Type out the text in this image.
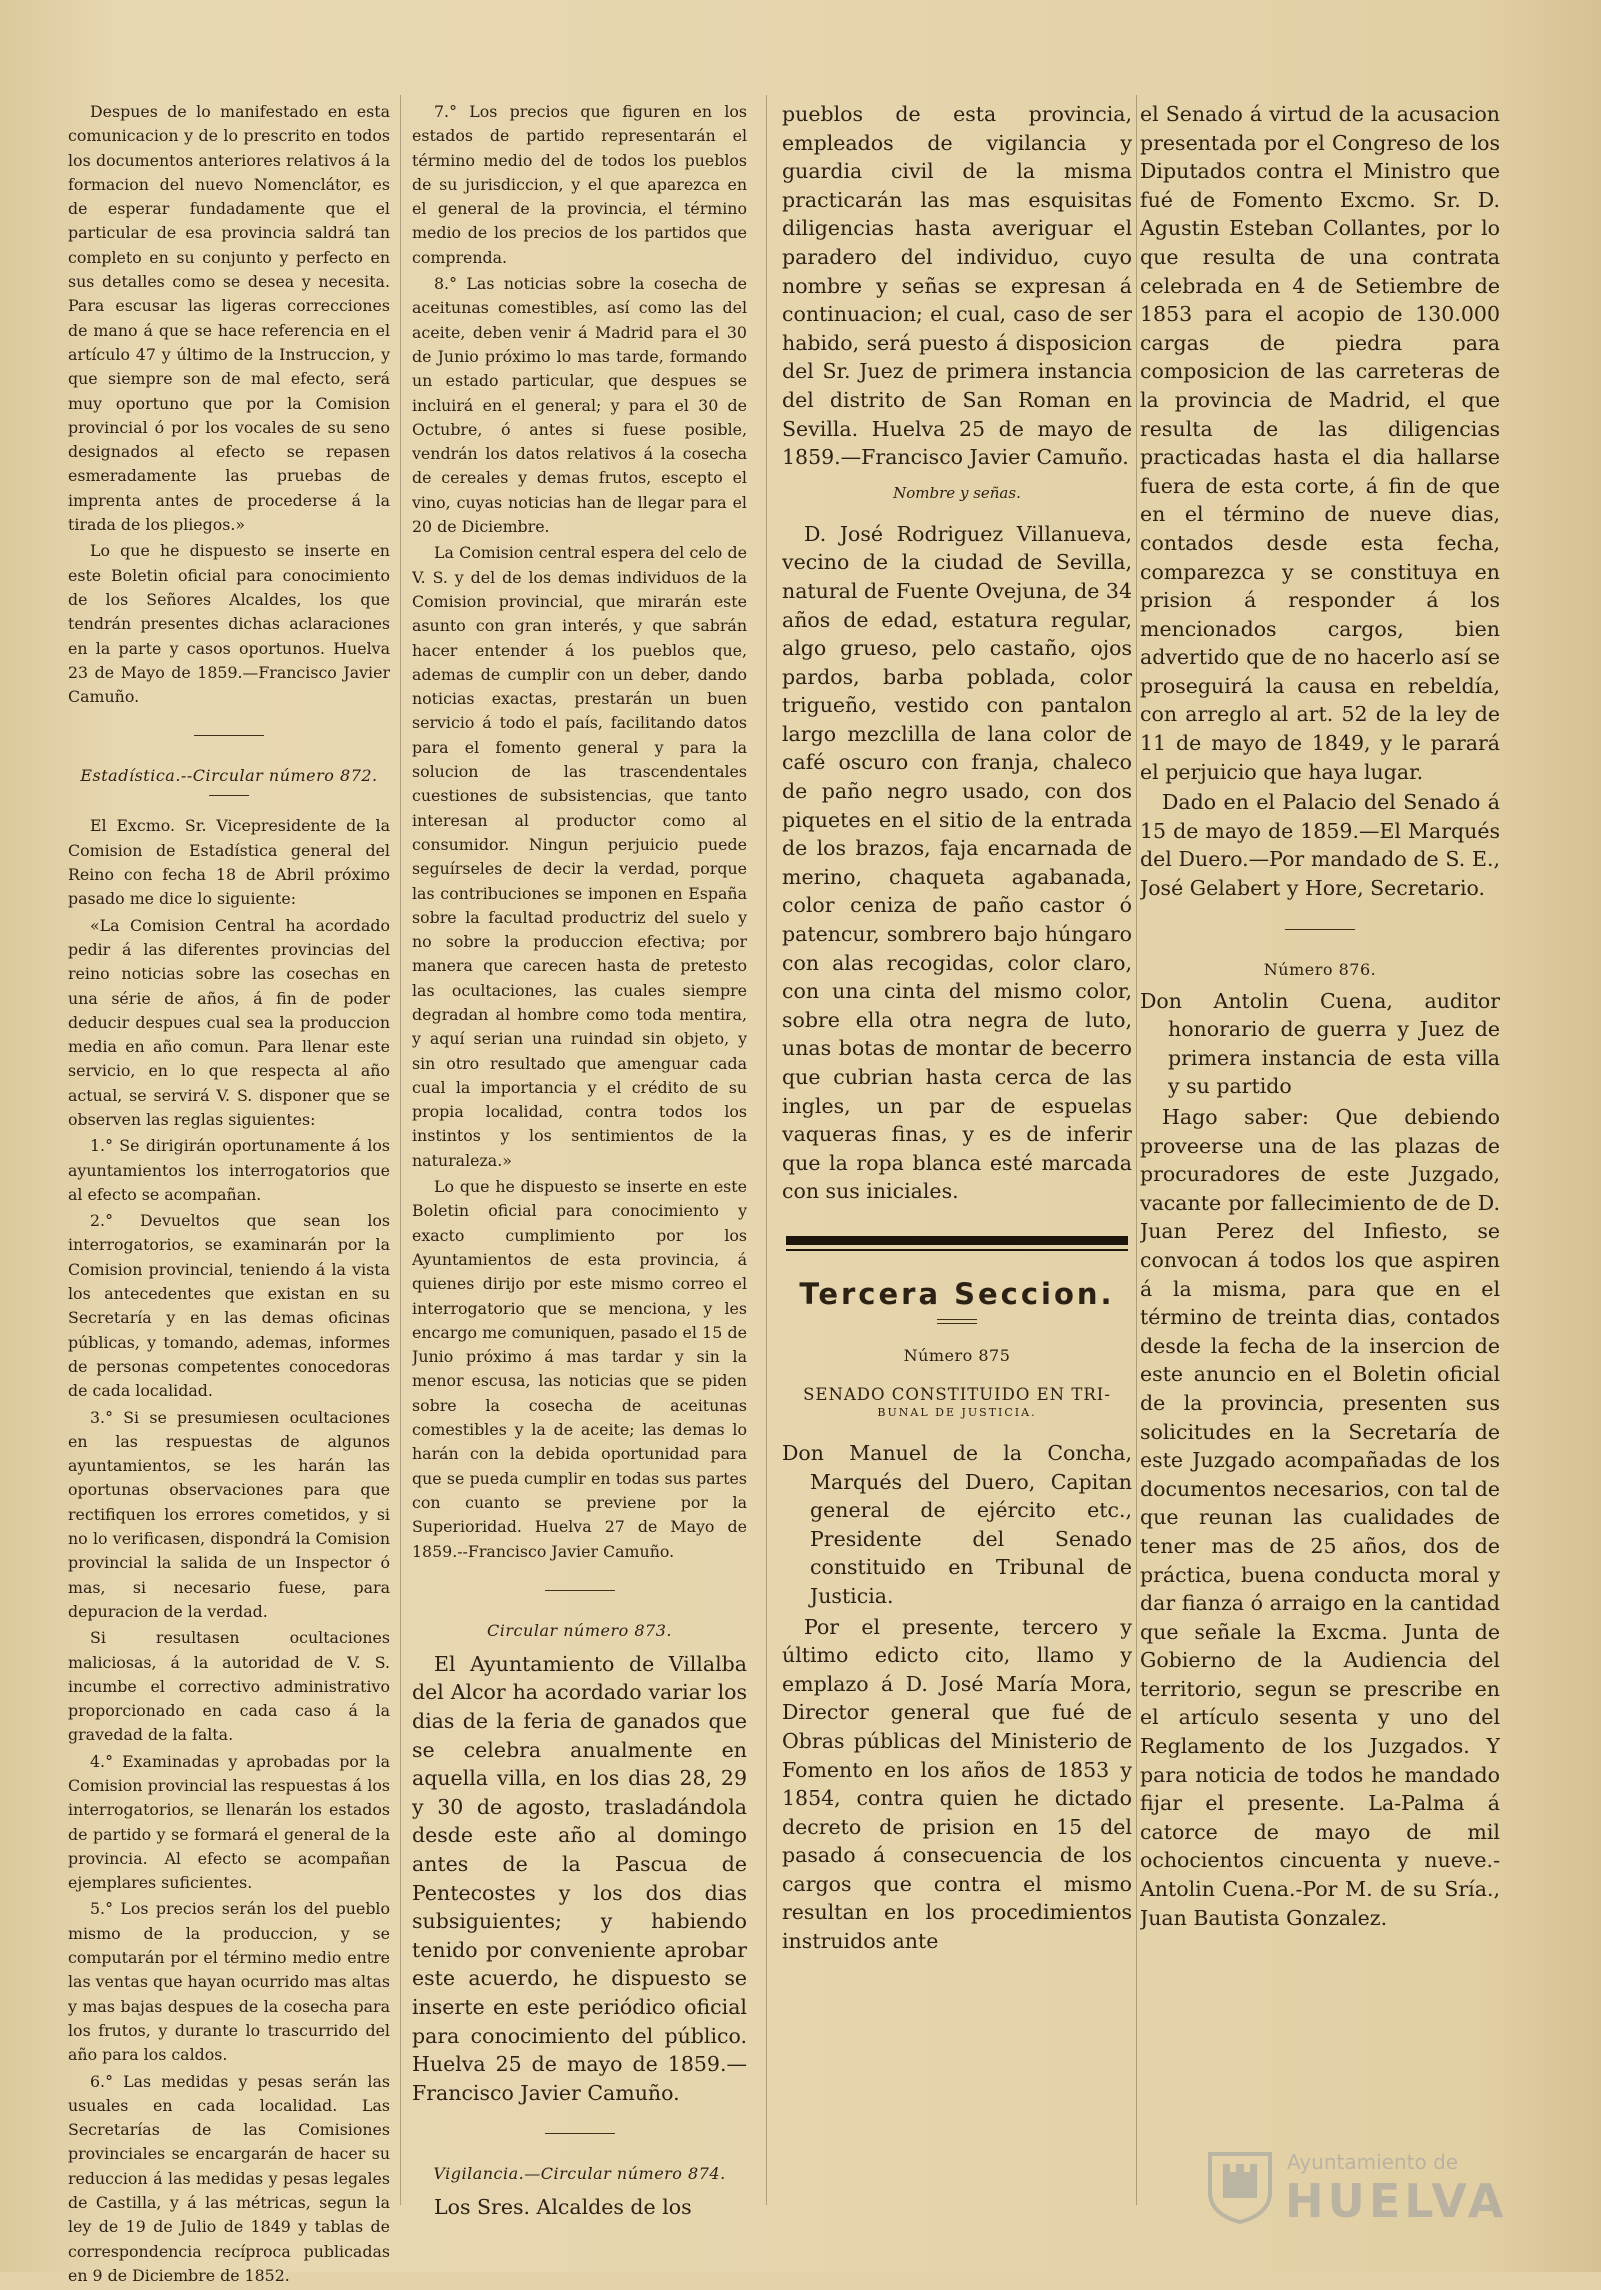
Despues de lo manifestado en esta comunicacion y de lo prescrito en todos los documentos anteriores relativos á la formacion del nuevo Nomenclátor, es de esperar fundadamente que el particular de esa provincia saldrá tan completo en su conjunto y perfecto en sus detalles como se desea y necesita. Para escusar las ligeras correcciones de mano á que se hace referencia en el artículo 47 y último de la Instruccion, y que siempre son de mal efecto, será muy oportuno que por la Comision provincial ó por los vocales de su seno designados al efecto se repasen esmeradamente las pruebas de imprenta antes de procederse á la tirada de los pliegos.»

Lo que he dispuesto se inserte en este Boletin oficial para conocimiento de los Señores Alcaldes, los que tendrán presentes dichas aclaraciones en la parte y casos oportunos. Huelva 23 de Mayo de 1859.—Francisco Javier Camuño.

Estadística.--Circular número 872.

El Excmo. Sr. Vicepresidente de la Comision de Estadística general del Reino con fecha 18 de Abril próximo pasado me dice lo siguiente:

«La Comision Central ha acordado pedir á las diferentes provincias del reino noticias sobre las cosechas en una série de años, á fin de poder deducir despues cual sea la produccion media en año comun. Para llenar este servicio, en lo que respecta al año actual, se servirá V. S. disponer que se observen las reglas siguientes:

1.° Se dirigirán oportunamente á los ayuntamientos los interrogatorios que al efecto se acompañan.

2.° Devueltos que sean los interrogatorios, se examinarán por la Comision provincial, teniendo á la vista los antecedentes que existan en su Secretaría y en las demas oficinas públicas, y tomando, ademas, informes de personas competentes conocedoras de cada localidad.

3.° Si se presumiesen ocultaciones en las respuestas de algunos ayuntamientos, se les harán las oportunas observaciones para que rectifiquen los errores cometidos, y si no lo verificasen, dispondrá la Comision provincial la salida de un Inspector ó mas, si necesario fuese, para depuracion de la verdad.

Si resultasen ocultaciones maliciosas, á la autoridad de V. S. incumbe el correctivo administrativo proporcionado en cada caso á la gravedad de la falta.

4.° Examinadas y aprobadas por la Comision provincial las respuestas á los interrogatorios, se llenarán los estados de partido y se formará el general de la provincia. Al efecto se acompañan ejemplares suficientes.

5.° Los precios serán los del pueblo mismo de la produccion, y se computarán por el término medio entre las ventas que hayan ocurrido mas altas y mas bajas despues de la cosecha para los frutos, y durante lo trascurrido del año para los caldos.

6.° Las medidas y pesas serán las usuales en cada localidad. Las Secretarías de las Comisiones provinciales se encargarán de hacer su reduccion á las medidas y pesas legales de Castilla, y á las métricas, segun la ley de 19 de Julio de 1849 y tablas de correspondencia recíproca publicadas en 9 de Diciembre de 1852.

7.° Los precios que figuren en los estados de partido representarán el término medio del de todos los pueblos de su jurisdiccion, y el que aparezca en el general de la provincia, el término medio de los precios de los partidos que comprenda.

8.° Las noticias sobre la cosecha de aceitunas comestibles, así como las del aceite, deben venir á Madrid para el 30 de Junio próximo lo mas tarde, formando un estado particular, que despues se incluirá en el general; y para el 30 de Octubre, ó antes si fuese posible, vendrán los datos relativos á la cosecha de cereales y demas frutos, escepto el vino, cuyas noticias han de llegar para el 20 de Diciembre.

La Comision central espera del celo de V. S. y del de los demas individuos de la Comision provincial, que mirarán este asunto con gran interés, y que sabrán hacer entender á los pueblos que, ademas de cumplir con un deber, dando noticias exactas, prestarán un buen servicio á todo el país, facilitando datos para el fomento general y para la solucion de las trascendentales cuestiones de subsistencias, que tanto interesan al productor como al consumidor. Ningun perjuicio puede seguírseles de decir la verdad, porque las contribuciones se imponen en España sobre la facultad productriz del suelo y no sobre la produccion efectiva; por manera que carecen hasta de pretesto las ocultaciones, las cuales siempre degradan al hombre como toda mentira, y aquí serian una ruindad sin objeto, y sin otro resultado que amenguar cada cual la importancia y el crédito de su propia localidad, contra todos los instintos y los sentimientos de la naturaleza.»

Lo que he dispuesto se inserte en este Boletin oficial para conocimiento y exacto cumplimiento por los Ayuntamientos de esta provincia, á quienes dirijo por este mismo correo el interrogatorio que se menciona, y les encargo me comuniquen, pasado el 15 de Junio próximo á mas tardar y sin la menor escusa, las noticias que se piden sobre la cosecha de aceitunas comestibles y la de aceite; las demas lo harán con la debida oportunidad para que se pueda cumplir en todas sus partes con cuanto se previene por la Superioridad. Huelva 27 de Mayo de 1859.--Francisco Javier Camuño.

Circular número 873.

El Ayuntamiento de Villalba del Alcor ha acordado variar los dias de la feria de ganados que se celebra anualmente en aquella villa, en los dias 28, 29 y 30 de agosto, trasladándola desde este año al domingo antes de la Pascua de Pentecostes y los dos dias subsiguientes; y habiendo tenido por conveniente aprobar este acuerdo, he dispuesto se inserte en este periódico oficial para conocimiento del público. Huelva 25 de mayo de 1859.—Francisco Javier Camuño.

Vigilancia.—Circular número 874.

Los Sres. Alcaldes de los

pueblos de esta provincia, empleados de vigilancia y guardia civil de la misma practicarán las mas esquisitas diligencias hasta averiguar el paradero del individuo, cuyo nombre y señas se expresan á continuacion; el cual, caso de ser habido, será puesto á disposicion del Sr. Juez de primera instancia del distrito de San Roman en Sevilla. Huelva 25 de mayo de 1859.—Francisco Javier Camuño.

Nombre y señas.

D. José Rodriguez Villanueva, vecino de la ciudad de Sevilla, natural de Fuente Ovejuna, de 34 años de edad, estatura regular, algo grueso, pelo castaño, ojos pardos, barba poblada, color trigueño, vestido con pantalon largo mezclilla de lana color de café oscuro con franja, chaleco de paño negro usado, con dos piquetes en el sitio de la entrada de los brazos, faja encarnada de merino, chaqueta agabanada, color ceniza de paño castor ó patencur, sombrero bajo húngaro con alas recogidas, color claro, con una cinta del mismo color, sobre ella otra negra de luto, unas botas de montar de becerro que cubrian hasta cerca de las ingles, un par de espuelas vaqueras finas, y es de inferir que la ropa blanca esté marcada con sus iniciales.

Tercera Seccion.
Número 875
SENADO CONSTITUIDO EN TRI-
BUNAL DE JUSTICIA.

Don Manuel de la Concha, Marqués del Duero, Capitan general de ejército etc., Presidente del Senado constituido en Tribunal de Justicia.

Por el presente, tercero y último edicto cito, llamo y emplazo á D. José María Mora, Director general que fué de Obras públicas del Ministerio de Fomento en los años de 1853 y 1854, contra quien he dictado decreto de prision en 15 del pasado á consecuencia de los cargos que contra el mismo resultan en los procedimientos instruidos ante

el Senado á virtud de la acusacion presentada por el Congreso de los Diputados contra el Ministro que fué de Fomento Excmo. Sr. D. Agustin Esteban Collantes, por lo que resulta de una contrata celebrada en 4 de Setiembre de 1853 para el acopio de 130.000 cargas de piedra para composicion de las carreteras de la provincia de Madrid, el que resulta de las diligencias practicadas hasta el dia hallarse fuera de esta corte, á fin de que en el término de nueve dias, contados desde esta fecha, comparezca y se constituya en prision á responder á los mencionados cargos, bien advertido que de no hacerlo así se proseguirá la causa en rebeldía, con arreglo al art. 52 de la ley de 11 de mayo de 1849, y le parará el perjuicio que haya lugar.

Dado en el Palacio del Senado á 15 de mayo de 1859.—El Marqués del Duero.—Por mandado de S. E., José Gelabert y Hore, Secretario.

Número 876.

Don Antolin Cuena, auditor honorario de guerra y Juez de primera instancia de esta villa y su partido

Hago saber: Que debiendo proveerse una de las plazas de procuradores de este Juzgado, vacante por fallecimiento de de D. Juan Perez del Infiesto, se convocan á todos los que aspiren á la misma, para que en el término de treinta dias, contados desde la fecha de la insercion de este anuncio en el Boletin oficial de la provincia, presenten sus solicitudes en la Secretaría de este Juzgado acompañadas de los documentos necesarios, con tal de que reunan las cualidades de tener mas de 25 años, dos de práctica, buena conducta moral y dar fianza ó arraigo en la cantidad que señale la Excma. Junta de Gobierno de la Audiencia del territorio, segun se prescribe en el artículo sesenta y uno del Reglamento de los Juzgados. Y para noticia de todos he mandado fijar el presente. La-Palma á catorce de mayo de mil ochocientos cincuenta y nueve.-Antolin Cuena.-Por M. de su Sría., Juan Bautista Gonzalez.

Ayuntamiento de
HUELVA
